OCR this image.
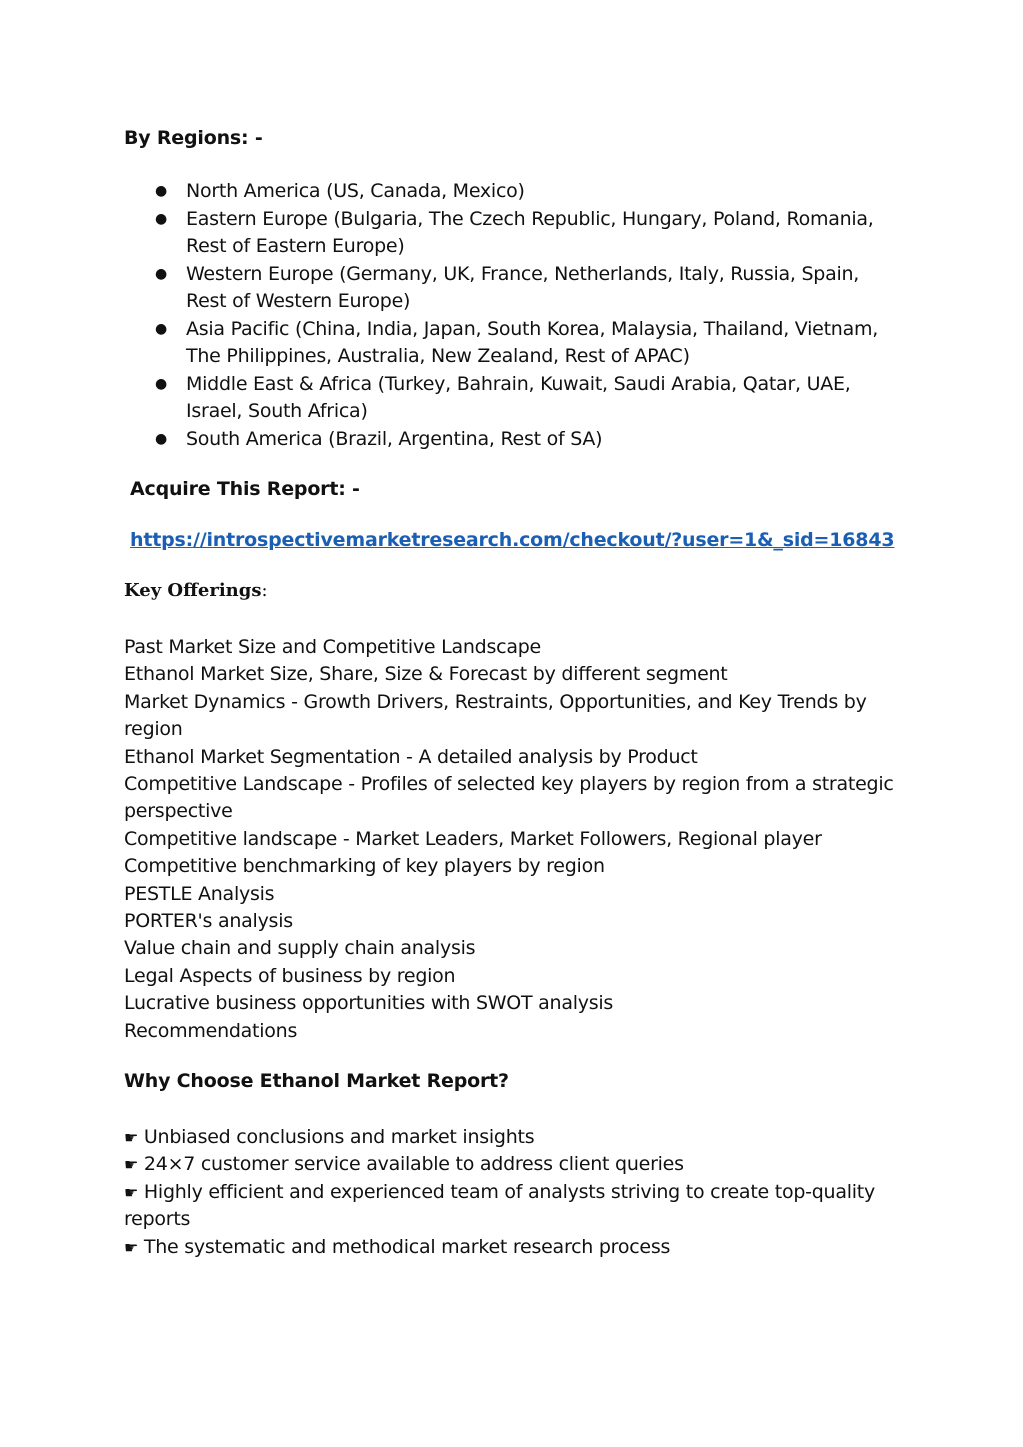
By Regions: -
● North America (US, Canada, Mexico)
● Eastern Europe (Bulgaria, The Czech Republic, Hungary, Poland, Romania, Rest of Eastern Europe)
● Western Europe (Germany, UK, France, Netherlands, Italy, Russia, Spain, Rest of Western Europe)
● Asia Pacific (China, India, Japan, South Korea, Malaysia, Thailand, Vietnam, The Philippines, Australia, New Zealand, Rest of APAC)
● Middle East & Africa (Turkey, Bahrain, Kuwait, Saudi Arabia, Qatar, UAE, Israel, South Africa)
● South America (Brazil, Argentina, Rest of SA)
Acquire This Report: -
https://introspectivemarketresearch.com/checkout/?user=1&_sid=16843
Key Offerings:
Past Market Size and Competitive Landscape
Ethanol Market Size, Share, Size & Forecast by different segment
Market Dynamics - Growth Drivers, Restraints, Opportunities, and Key Trends by region
Ethanol Market Segmentation - A detailed analysis by Product
Competitive Landscape - Profiles of selected key players by region from a strategic perspective
Competitive landscape - Market Leaders, Market Followers, Regional player
Competitive benchmarking of key players by region
PESTLE Analysis
PORTER's analysis
Value chain and supply chain analysis
Legal Aspects of business by region
Lucrative business opportunities with SWOT analysis
Recommendations
Why Choose Ethanol Market Report?
☛ Unbiased conclusions and market insights
☛ 24×7 customer service available to address client queries
☛ Highly efficient and experienced team of analysts striving to create top-quality reports
☛ The systematic and methodical market research process
